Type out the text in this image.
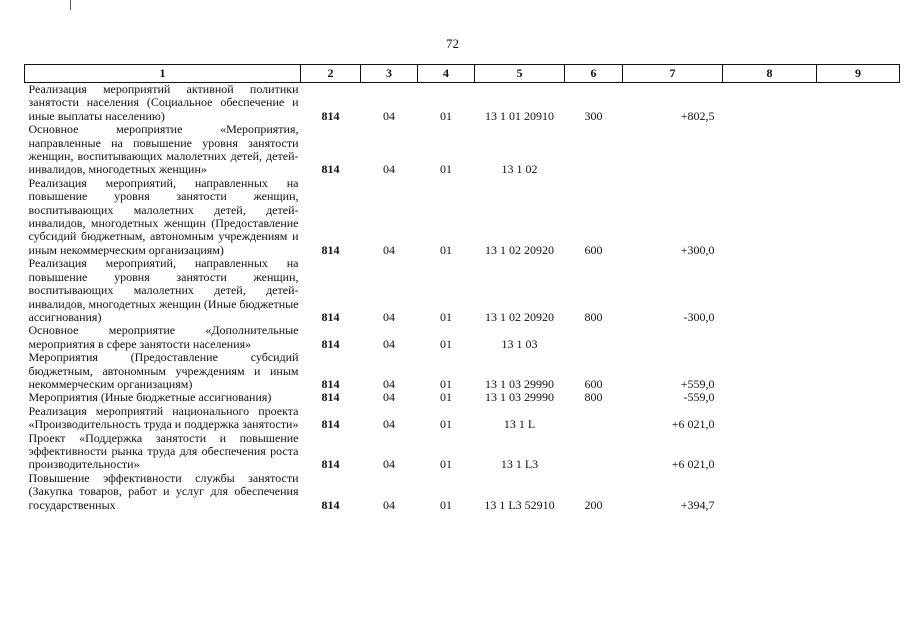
72
1	2	3	4	5	6	7	8	9
Реализация мероприятий активной политики занятости населения (Социальное обеспечение и иные выплаты населению)	814	04	01	13 1 01 20910	300	+802,5		
Основное мероприятие «Мероприятия, направленные на повышение уровня занятости женщин, воспитывающих малолетних детей, детей-инвалидов, многодетных женщин»	814	04	01	13 1 02				
Реализация мероприятий, направленных на повышение уровня занятости женщин, воспитывающих малолетних детей, детей-инвалидов, многодетных женщин (Предоставление субсидий бюджетным, автономным учреждениям и иным некоммерческим организациям)	814	04	01	13 1 02 20920	600	+300,0		
Реализация мероприятий, направленных на повышение уровня занятости женщин, воспитывающих малолетних детей, детей-инвалидов, многодетных женщин (Иные бюджетные ассигнования)	814	04	01	13 1 02 20920	800	-300,0		
Основное мероприятие «Дополнительные мероприятия в сфере занятости населения»	814	04	01	13 1 03				
Мероприятия (Предоставление субсидий бюджетным, автономным учреждениям и иным некоммерческим организациям)	814	04	01	13 1 03 29990	600	+559,0		
Мероприятия (Иные бюджетные ассигнования)	814	04	01	13 1 03 29990	800	-559,0		
Реализация мероприятий национального проекта «Производительность труда и поддержка занятости»	814	04	01	13 1 L		+6 021,0		
Проект «Поддержка занятости и повышение эффективности рынка труда для обеспечения роста производительности»	814	04	01	13 1 L3		+6 021,0		
Повышение эффективности службы занятости (Закупка товаров, работ и услуг для обеспечения государственных	814	04	01	13 1 L3 52910	200	+394,7		
